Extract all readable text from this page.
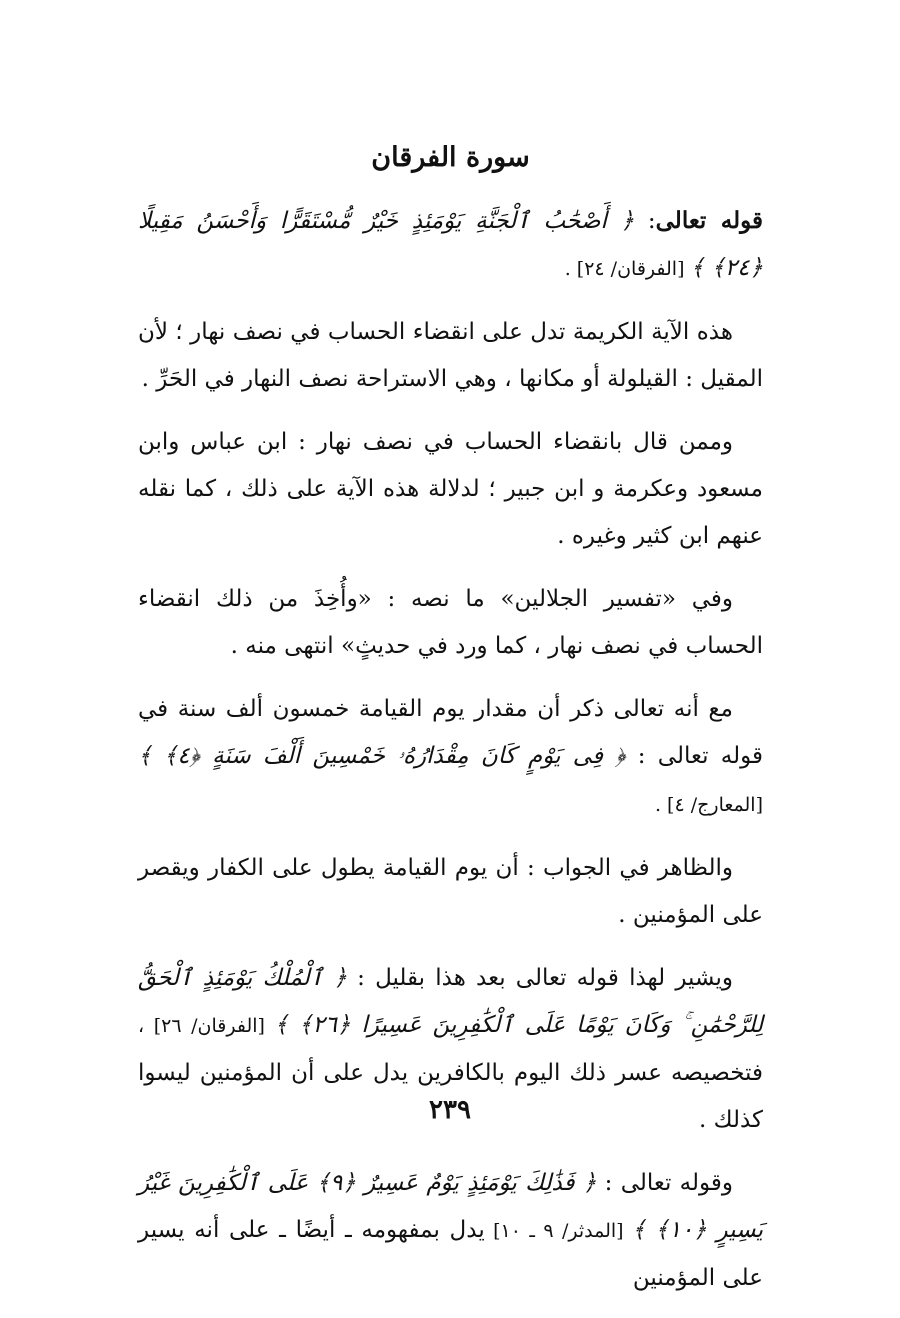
سورة الفرقان

قوله تعالى: ﴿ أَصْحَٰبُ ٱلْجَنَّةِ يَوْمَئِذٍ خَيْرٌ مُّسْتَقَرًّا وَأَحْسَنُ مَقِيلًا ﴿٢٤﴾ ﴾ [الفرقان/ ٢٤] .

هذه الآية الكريمة تدل على انقضاء الحساب في نصف نهار ؛ لأن المقيل : القيلولة أو مكانها ، وهي الاستراحة نصف النهار في الحَرِّ .

وممن قال بانقضاء الحساب في نصف نهار : ابن عباس وابن مسعود وعكرمة و ابن جبير ؛ لدلالة هذه الآية على ذلك ، كما نقله عنهم ابن كثير وغيره .

وفي «تفسير الجلالين» ما نصه : «وأُخِذَ من ذلك انقضاء الحساب في نصف نهار ، كما ورد في حديثٍ» انتهى منه .

مع أنه تعالى ذكر أن مقدار يوم القيامة خمسون ألف سنة في قوله تعالى : ﴿ فِى يَوْمٍ كَانَ مِقْدَارُهُۥ خَمْسِينَ أَلْفَ سَنَةٍ ﴿٤﴾ ﴾ [المعارج/ ٤] .

والظاهر في الجواب : أن يوم القيامة يطول على الكفار ويقصر على المؤمنين .

ويشير لهذا قوله تعالى بعد هذا بقليل : ﴿ ٱلْمُلْكُ يَوْمَئِذٍ ٱلْحَقُّ لِلرَّحْمَٰنِ ۚ وَكَانَ يَوْمًا عَلَى ٱلْكَٰفِرِينَ عَسِيرًا ﴿٢٦﴾ ﴾ [الفرقان/ ٢٦] ، فتخصيصه عسر ذلك اليوم بالكافرين يدل على أن المؤمنين ليسوا كذلك .

وقوله تعالى : ﴿ فَذَٰلِكَ يَوْمَئِذٍ يَوْمٌ عَسِيرٌ ﴿٩﴾ عَلَى ٱلْكَٰفِرِينَ غَيْرُ يَسِيرٍ ﴿١٠﴾ ﴾ [المدثر/ ٩ ـ ١٠] يدل بمفهومه ـ أيضًا ـ على أنه يسير على المؤمنين

٢٣٩
